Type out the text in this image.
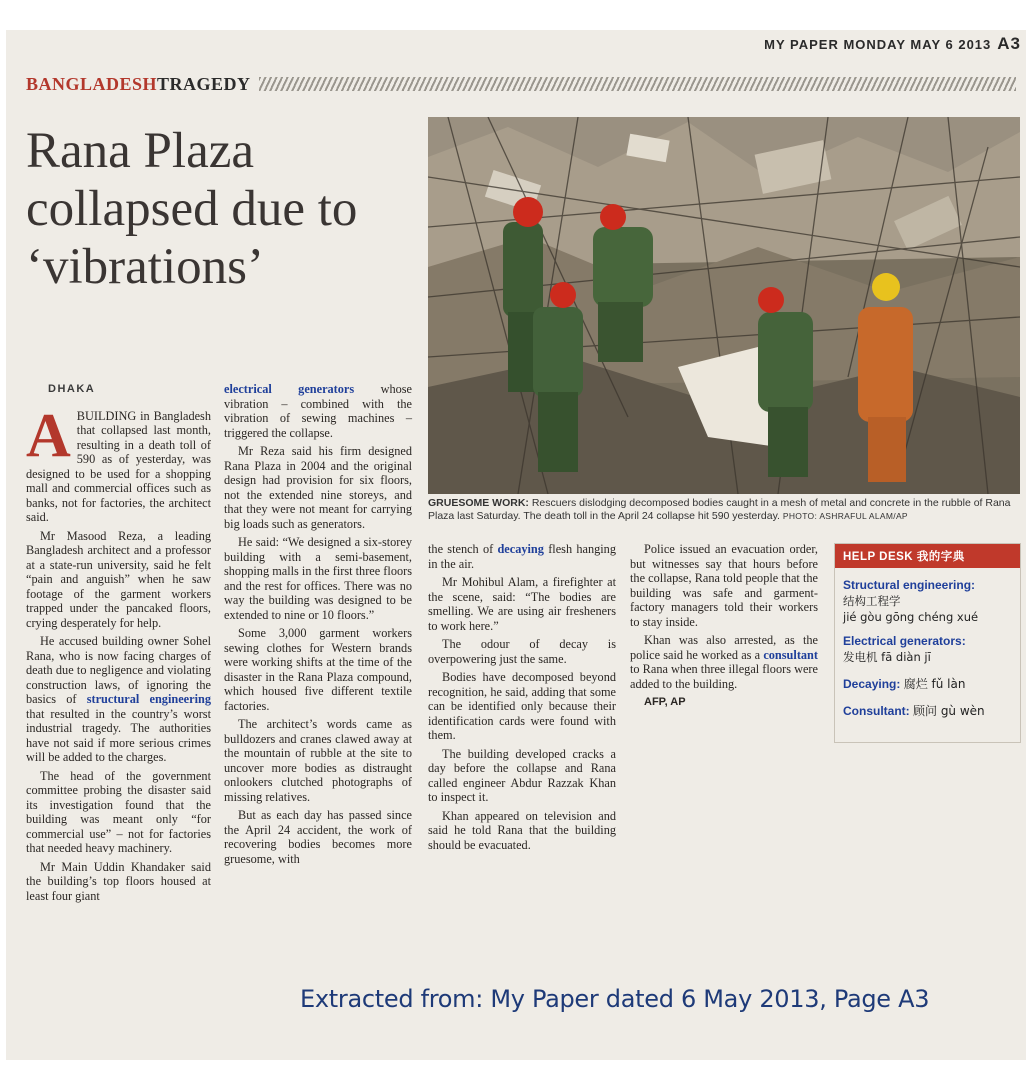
MY PAPER MONDAY MAY 6 2013 A3
BANGLADESH TRAGEDY
Rana Plaza collapsed due to ‘vibrations’
GRUESOME WORK: Rescuers dislodging decomposed bodies caught in a mesh of metal and concrete in the rubble of Rana Plaza last Saturday. The death toll in the April 24 collapse hit 590 yesterday. PHOTO: ASHRAFUL ALAM/AP
DHAKA

ABUILDING in Bangladesh that collapsed last month, resulting in a death toll of 590 as of yesterday, was designed to be used for a shopping mall and commercial offices such as banks, not for factories, the architect said.

Mr Masood Reza, a leading Bangladesh architect and a professor at a state-run university, said he felt “pain and anguish” when he saw footage of the garment workers trapped under the pancaked floors, crying desperately for help.

He accused building owner Sohel Rana, who is now facing charges of death due to negligence and violating construction laws, of ignoring the basics of structural engineering that resulted in the country’s worst industrial tragedy. The authorities have not said if more serious crimes will be added to the charges.

The head of the government committee probing the disaster said its investigation found that the building was meant only “for commercial use” – not for factories that needed heavy machinery.

Mr Main Uddin Khandaker said the building’s top floors housed at least four giant

electrical generators whose vibration – combined with the vibration of sewing machines – triggered the collapse.

Mr Reza said his firm designed Rana Plaza in 2004 and the original design had provision for six floors, not the extended nine storeys, and that they were not meant for carrying big loads such as generators.

He said: “We designed a six-storey building with a semi-basement, shopping malls in the first three floors and the rest for offices. There was no way the building was designed to be extended to nine or 10 floors.”

Some 3,000 garment workers sewing clothes for Western brands were working shifts at the time of the disaster in the Rana Plaza compound, which housed five different textile factories.

The architect’s words came as bulldozers and cranes clawed away at the mountain of rubble at the site to uncover more bodies as distraught onlookers clutched photographs of missing relatives.

But as each day has passed since the April 24 accident, the work of recovering bodies becomes more gruesome, with

the stench of decaying flesh hanging in the air.

Mr Mohibul Alam, a firefighter at the scene, said: “The bodies are smelling. We are using air fresheners to work here.”

The odour of decay is overpowering just the same.

Bodies have decomposed beyond recognition, he said, adding that some can be identified only because their identification cards were found with them.

The building developed cracks a day before the collapse and Rana called engineer Abdur Razzak Khan to inspect it.

Khan appeared on television and said he told Rana that the building should be evacuated.

Police issued an evacuation order, but witnesses say that hours before the collapse, Rana told people that the building was safe and garment-factory managers told their workers to stay inside.

Khan was also arrested, as the police said he worked as a consultant to Rana when three illegal floors were added to the building.

AFP, AP

HELP DESK 我的字典
Structural engineering:
结构工程学
jié gòu gōng chéng xué
Electrical generators:
发电机 fā diàn jī
Decaying: 腐烂 fǔ làn
Consultant: 顾问 gù wèn
Extracted from: My Paper dated 6 May 2013, Page A3
